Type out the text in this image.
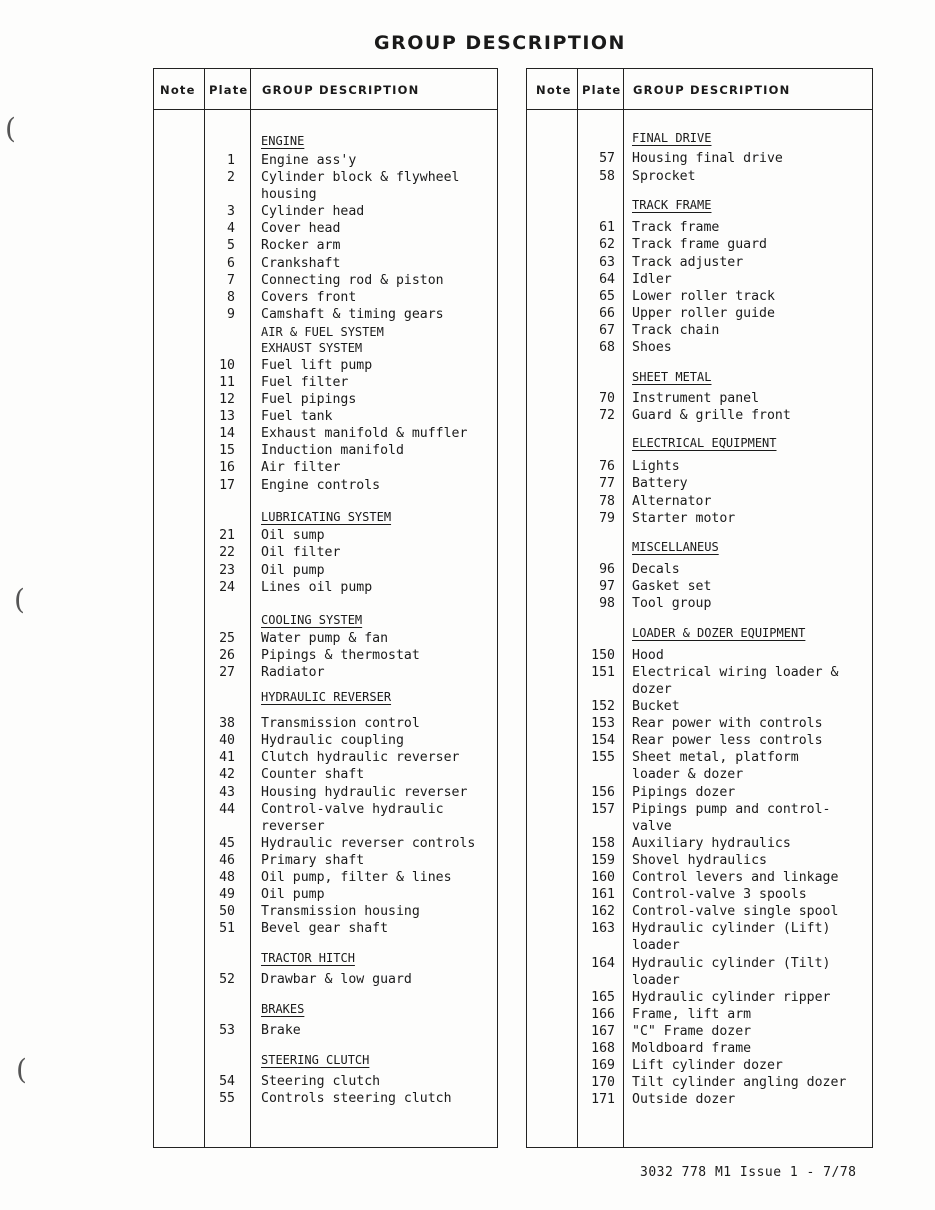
GROUP DESCRIPTION
Note Plate GROUP DESCRIPTION	Note Plate GROUP DESCRIPTION
ENGINE
1 Engine ass'y
2 Cylinder block & flywheel
housing
3 Cylinder head
4 Cover head
5 Rocker arm
6 Crankshaft
7 Connecting rod & piston
8 Covers front
9 Camshaft & timing gears
AIR & FUEL SYSTEM
EXHAUST SYSTEM
10 Fuel lift pump
11 Fuel filter
12 Fuel pipings
13 Fuel tank
14 Exhaust manifold & muffler
15 Induction manifold
16 Air filter
17 Engine controls
LUBRICATING SYSTEM
21 Oil sump
22 Oil filter
23 Oil pump
24 Lines oil pump
COOLING SYSTEM
25 Water pump & fan
26 Pipings & thermostat
27 Radiator
HYDRAULIC REVERSER
38 Transmission control
40 Hydraulic coupling
41 Clutch hydraulic reverser
42 Counter shaft
43 Housing hydraulic reverser
44 Control-valve hydraulic
reverser
45 Hydraulic reverser controls
46 Primary shaft
48 Oil pump, filter & lines
49 Oil pump
50 Transmission housing
51 Bevel gear shaft
TRACTOR HITCH
52 Drawbar & low guard
BRAKES
53 Brake
STEERING CLUTCH
54 Steering clutch
55 Controls steering clutch
FINAL DRIVE
57 Housing final drive
58 Sprocket
TRACK FRAME
61 Track frame
62 Track frame guard
63 Track adjuster
64 Idler
65 Lower roller track
66 Upper roller guide
67 Track chain
68 Shoes
SHEET METAL
70 Instrument panel
72 Guard & grille front
ELECTRICAL EQUIPMENT
76 Lights
77 Battery
78 Alternator
79 Starter motor
MISCELLANEUS
96 Decals
97 Gasket set
98 Tool group
LOADER & DOZER EQUIPMENT
150 Hood
151 Electrical wiring loader &
dozer
152 Bucket
153 Rear power with controls
154 Rear power less controls
155 Sheet metal, platform
loader & dozer
156 Pipings dozer
157 Pipings pump and control-
valve
158 Auxiliary hydraulics
159 Shovel hydraulics
160 Control levers and linkage
161 Control-valve 3 spools
162 Control-valve single spool
163 Hydraulic cylinder (Lift)
loader
164 Hydraulic cylinder (Tilt)
loader
165 Hydraulic cylinder ripper
166 Frame, lift arm
167 "C" Frame dozer
168 Moldboard frame
169 Lift cylinder dozer
170 Tilt cylinder angling dozer
171 Outside dozer
3032 778 M1 Issue 1 - 7/78
(
(
(
